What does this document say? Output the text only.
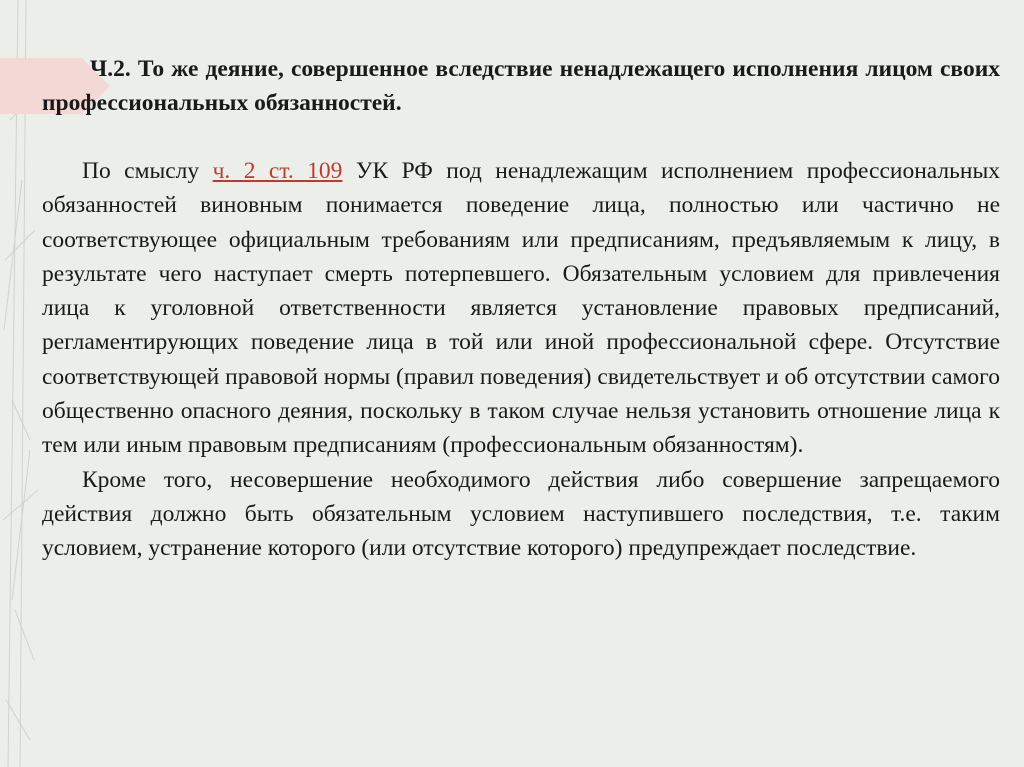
Ч.2. То же деяние, совершенное вследствие ненадлежащего исполнения лицом своих профессиональных обязанностей.

По смыслу ч. 2 ст. 109 УК РФ под ненадлежащим исполнением профессиональных обязанностей виновным понимается поведение лица, полностью или частично не соответствующее официальным требованиям или предписаниям, предъявляемым к лицу, в результате чего наступает смерть потерпевшего. Обязательным условием для привлечения лица к уголовной ответственности является установление правовых предписаний, регламентирующих поведение лица в той или иной профессиональной сфере. Отсутствие соответствующей правовой нормы (правил поведения) свидетельствует и об отсутствии самого общественно опасного деяния, поскольку в таком случае нельзя установить отношение лица к тем или иным правовым предписаниям (профессиональным обязанностям).

Кроме того, несовершение необходимого действия либо совершение запрещаемого действия должно быть обязательным условием наступившего последствия, т.е. таким условием, устранение которого (или отсутствие которого) предупреждает последствие.
